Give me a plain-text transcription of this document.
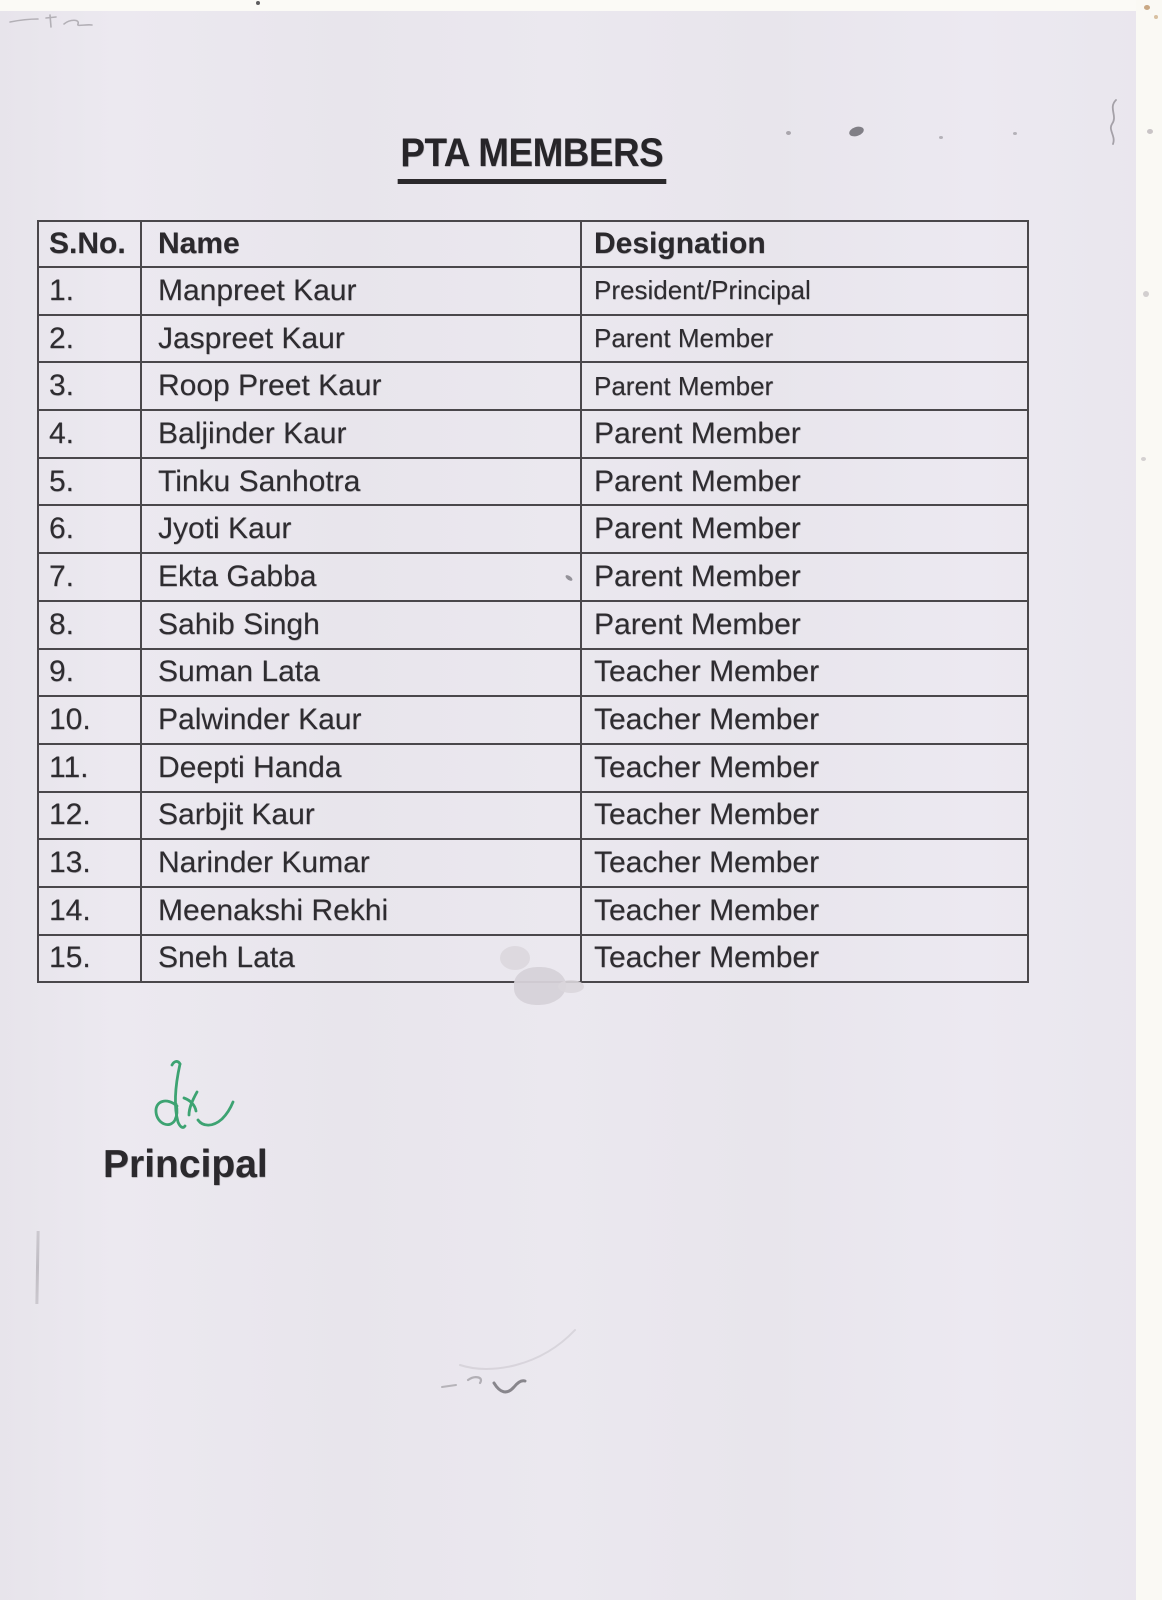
PTA MEMBERS
S.No.	Name	Designation
1.	Manpreet Kaur	President/Principal
2.	Jaspreet Kaur	Parent Member
3.	Roop Preet Kaur	Parent Member
4.	Baljinder Kaur	Parent Member
5.	Tinku Sanhotra	Parent Member
6.	Jyoti Kaur	Parent Member
7.	Ekta Gabba	Parent Member
8.	Sahib Singh	Parent Member
9.	Suman Lata	Teacher Member
10.	Palwinder Kaur	Teacher Member
11.	Deepti Handa	Teacher Member
12.	Sarbjit Kaur	Teacher Member
13.	Narinder Kumar	Teacher Member
14.	Meenakshi Rekhi	Teacher Member
15.	Sneh Lata	Teacher Member
Principal
